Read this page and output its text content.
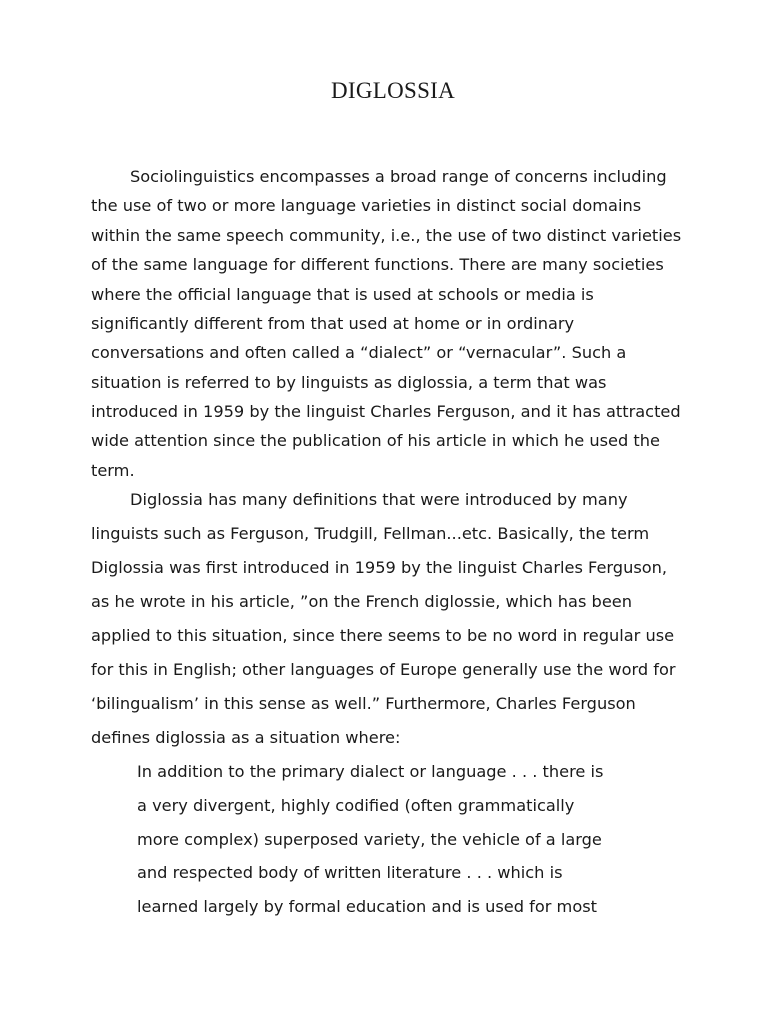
DIGLOSSIA

Sociolinguistics encompasses a broad range of concerns including

the use of two or more language varieties in distinct social domains

within the same speech community, i.e., the use of two distinct varieties

of the same language for different functions. There are many societies

where the official language that is used at schools or media is

significantly different from that used at home or in ordinary

conversations and often called a “dialect” or “vernacular”. Such a

situation is referred to by linguists as diglossia, a term that was

introduced in 1959 by the linguist Charles Ferguson, and it has attracted

wide attention since the publication of his article in which he used the

term.

Diglossia has many definitions that were introduced by many

linguists such as Ferguson, Trudgill, Fellman...etc. Basically, the term

Diglossia was first introduced in 1959 by the linguist Charles Ferguson,

as he wrote in his article, ”on the French diglossie, which has been

applied to this situation, since there seems to be no word in regular use

for this in English; other languages of Europe generally use the word for

‘bilingualism’ in this sense as well.” Furthermore, Charles Ferguson

defines diglossia as a situation where:

In addition to the primary dialect or language . . . there is

a very divergent, highly codified (often grammatically

more complex) superposed variety, the vehicle of a large

and respected body of written literature . . . which is

learned largely by formal education and is used for most
